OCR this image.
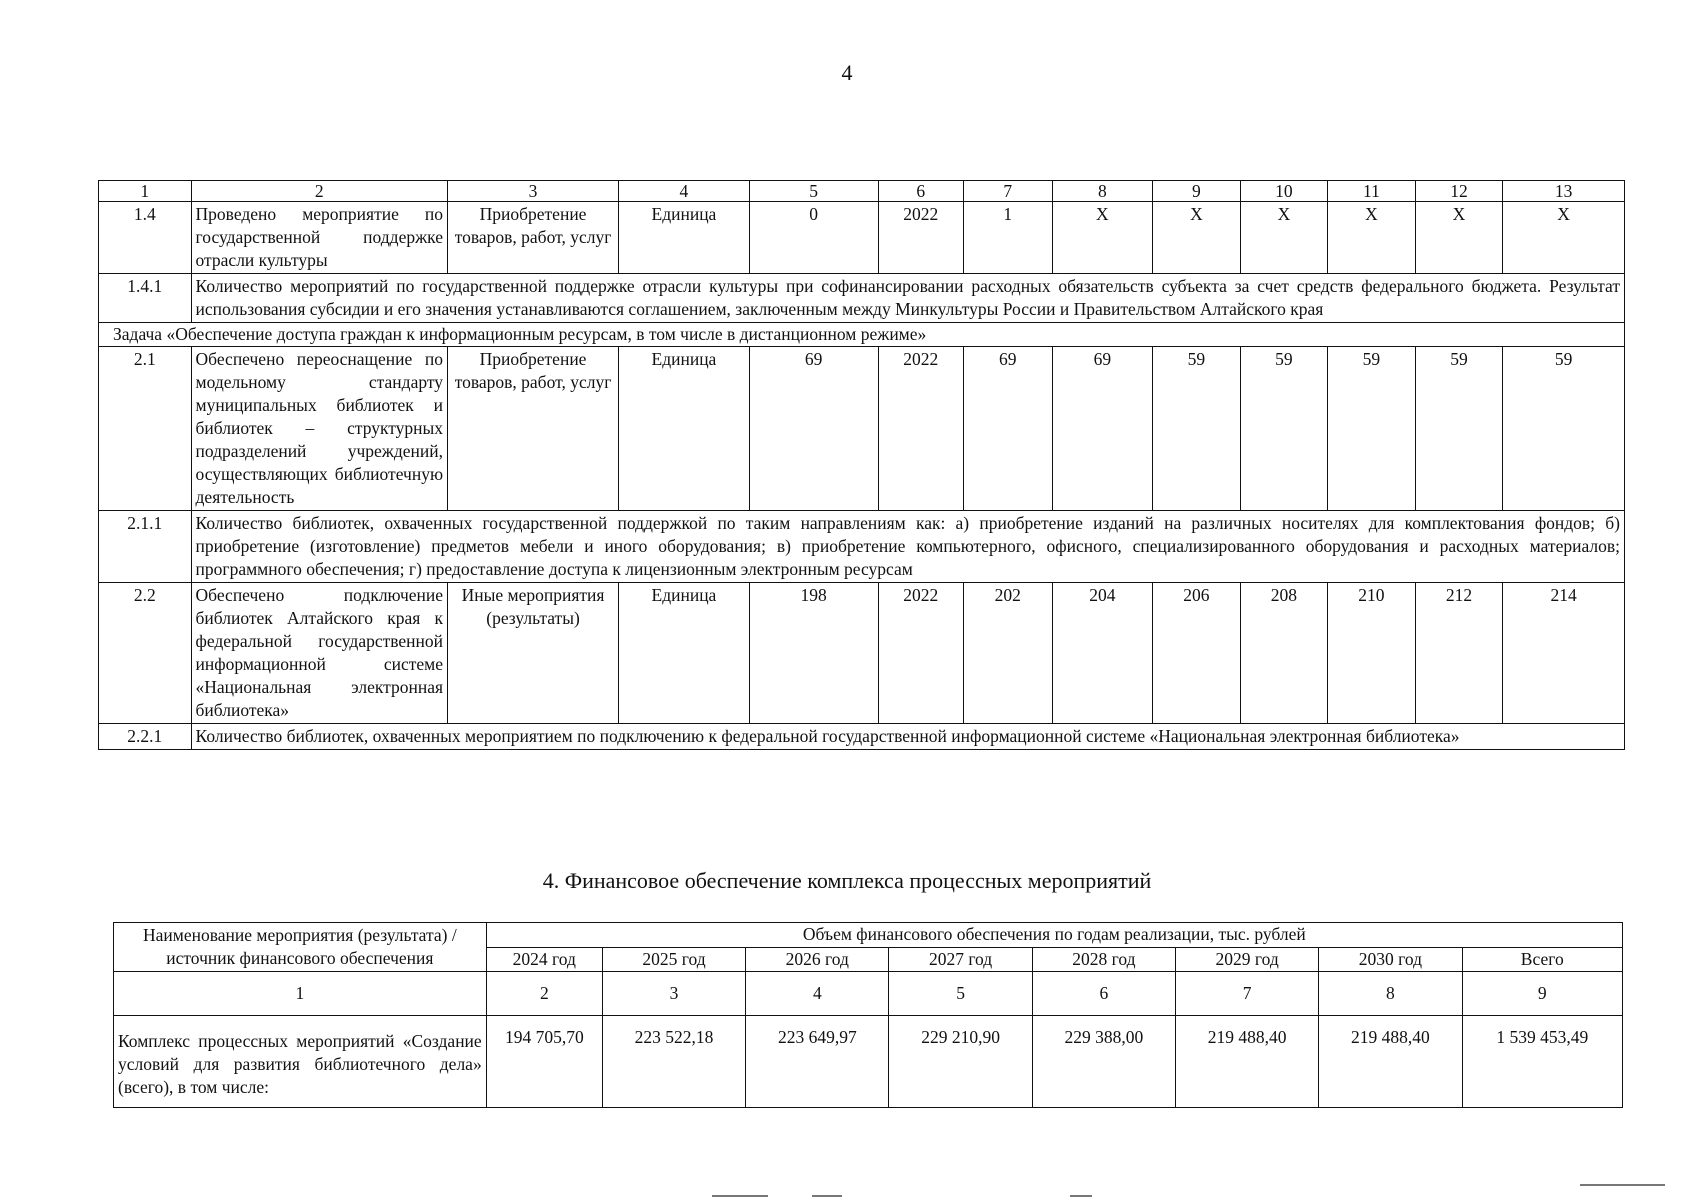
4
1	2	3	4	5	6	7	8	9	10	11	12	13
1.4	Проведено мероприятие по государственной поддержке отрасли культуры	Приобретение товаров, работ, услуг	Единица	0	2022	1	X	X	X	X	X	X
1.4.1	Количество мероприятий по государственной поддержке отрасли культуры при софинансировании расходных обязательств субъекта за счет средств федерального бюджета. Результат использования субсидии и его значения устанавливаются соглашением, заключенным между Минкультуры России и Правительством Алтайского края											
Задача «Обеспечение доступа граждан к информационным ресурсам, в том числе в дистанционном режиме»												
2.1	Обеспечено переоснащение по модельному стандарту муниципальных библиотек и библиотек – структурных подразделений учреждений, осуществляющих библиотечную деятельность	Приобретение товаров, работ, услуг	Единица	69	2022	69	69	59	59	59	59	59
2.1.1	Количество библиотек, охваченных государственной поддержкой по таким направлениям как: а) приобретение изданий на различных носителях для комплектования фондов; б) приобретение (изготовление) предметов мебели и иного оборудования; в) приобретение компьютерного, офисного, специализированного оборудования и расходных материалов; программного обеспечения; г) предоставление доступа к лицензионным электронным ресурсам											
2.2	Обеспечено подключение библиотек Алтайского края к федеральной государственной информационной системе «Национальная электронная библиотека»	Иные мероприятия (результаты)	Единица	198	2022	202	204	206	208	210	212	214
2.2.1	Количество библиотек, охваченных мероприятием по подключению к федеральной государственной информационной системе «Национальная электронная библиотека»											
4. Финансовое обеспечение комплекса процессных мероприятий
Наименование мероприятия (результата) / источник финансового обеспечения	Объем финансового обеспечения по годам реализации, тыс. рублей							
	2024 год	2025 год	2026 год	2027 год	2028 год	2029 год	2030 год	Всего
1	2	3	4	5	6	7	8	9
Комплекс процессных мероприятий «Создание условий для развития библиотечного дела» (всего), в том числе:	194 705,70	223 522,18	223 649,97	229 210,90	229 388,00	219 488,40	219 488,40	1 539 453,49
